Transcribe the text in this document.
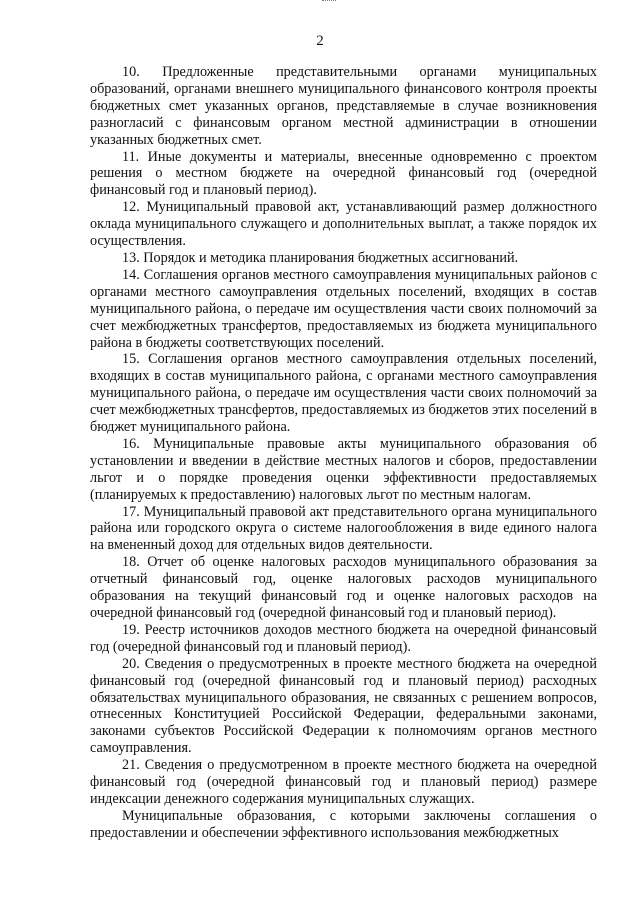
2

10. Предложенные представительными органами муниципальных образований, органами внешнего муниципального финансового контроля проекты бюджетных смет указанных органов, представляемые в случае возникновения разногласий с финансовым органом местной администрации в отношении указанных бюджетных смет.

11. Иные документы и материалы, внесенные одновременно с проектом решения о местном бюджете на очередной финансовый год (очередной финансовый год и плановый период).

12. Муниципальный правовой акт, устанавливающий размер должностного оклада муниципального служащего и дополнительных выплат, а также порядок их осуществления.

13. Порядок и методика планирования бюджетных ассигнований.

14. Соглашения органов местного самоуправления муниципальных районов с органами местного самоуправления отдельных поселений, входящих в состав муниципального района, о передаче им осуществления части своих полномочий за счет межбюджетных трансфертов, предоставляемых из бюджета муниципального района в бюджеты соответствующих поселений.

15. Соглашения органов местного самоуправления отдельных поселений, входящих в состав муниципального района, с органами местного самоуправления муниципального района, о передаче им осуществления части своих полномочий за счет межбюджетных трансфертов, предоставляемых из бюджетов этих поселений в бюджет муниципального района.

16. Муниципальные правовые акты муниципального образования об установлении и введении в действие местных налогов и сборов, предоставлении льгот и о порядке проведения оценки эффективности предоставляемых (планируемых к предоставлению) налоговых льгот по местным налогам.

17. Муниципальный правовой акт представительного органа муниципального района или городского округа о системе налогообложения в виде единого налога на вмененный доход для отдельных видов деятельности.

18. Отчет об оценке налоговых расходов муниципального образования за отчетный финансовый год, оценке налоговых расходов муниципального образования на текущий финансовый год и оценке налоговых расходов на очередной финансовый год (очередной финансовый год и плановый период).

19. Реестр источников доходов местного бюджета на очередной финансовый год (очередной финансовый год и плановый период).

20. Сведения о предусмотренных в проекте местного бюджета на очередной финансовый год (очередной финансовый год и плановый период) расходных обязательствах муниципального образования, не связанных с решением вопросов, отнесенных Конституцией Российской Федерации, федеральными законами, законами субъектов Российской Федерации к полномочиям органов местного самоуправления.

21. Сведения о предусмотренном в проекте местного бюджета на очередной финансовый год (очередной финансовый год и плановый период) размере индексации денежного содержания муниципальных служащих.

Муниципальные образования, с которыми заключены соглашения о предоставлении и обеспечении эффективного использования межбюджетных
